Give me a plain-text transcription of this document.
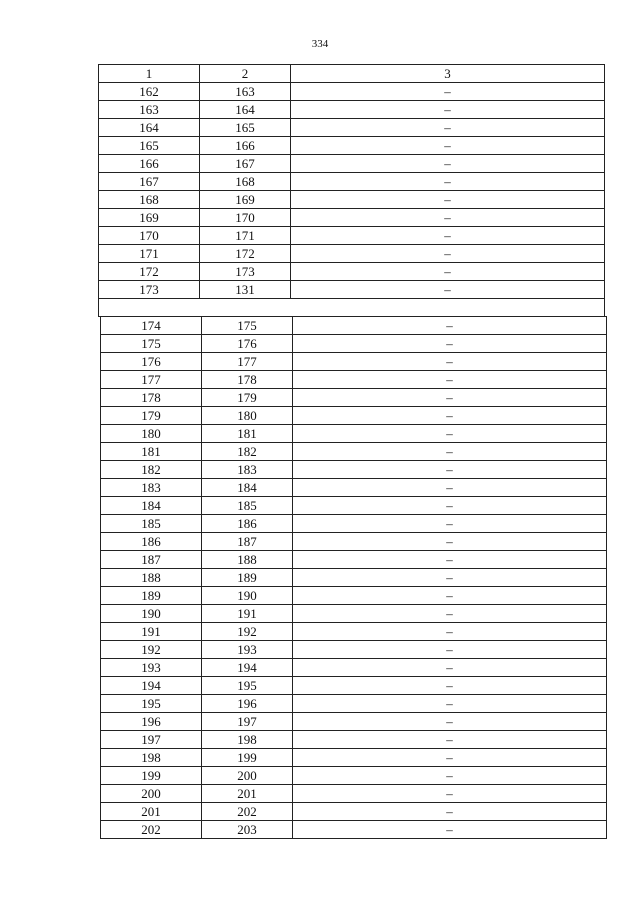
334
1	2	3
162	163	–
163	164	–
164	165	–
165	166	–
166	167	–
167	168	–
168	169	–
169	170	–
170	171	–
171	172	–
172	173	–
173	131	–

174	175	–
175	176	–
176	177	–
177	178	–
178	179	–
179	180	–
180	181	–
181	182	–
182	183	–
183	184	–
184	185	–
185	186	–
186	187	–
187	188	–
188	189	–
189	190	–
190	191	–
191	192	–
192	193	–
193	194	–
194	195	–
195	196	–
196	197	–
197	198	–
198	199	–
199	200	–
200	201	–
201	202	–
202	203	–
